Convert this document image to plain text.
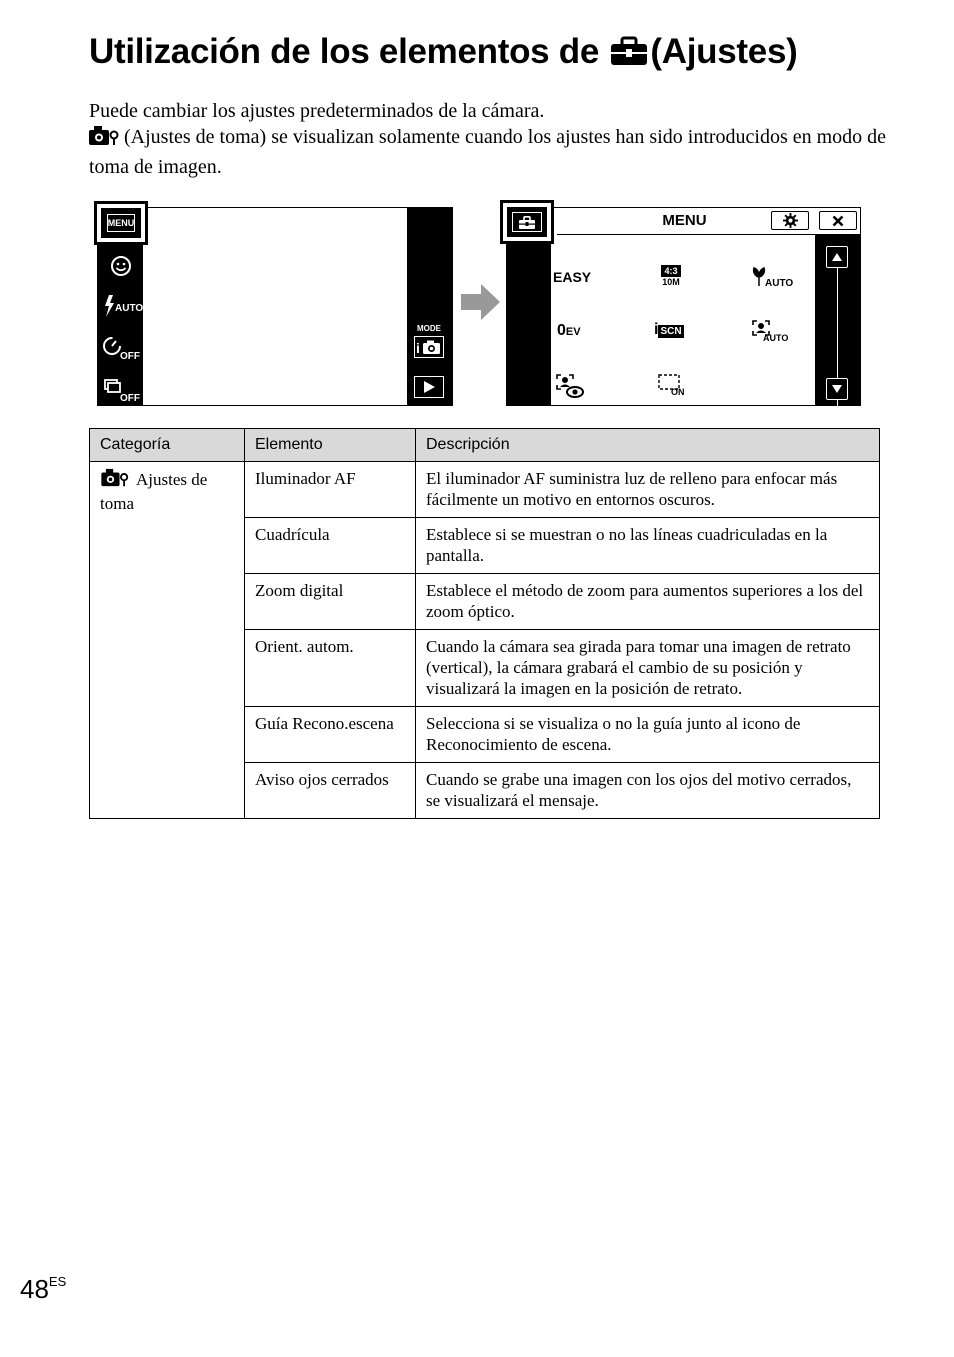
Utilización de los elementos de (Ajustes)

Puede cambiar los ajustes predeterminados de la cámara.

(Ajustes de toma) se visualizan solamente cuando los ajustes han sido introducidos en modo de toma de imagen.

AUTO
OFF
OFF
MODE
i
MENU	MENU
EASY	4:3
10M	AUTO
0EV	iSCN
AUTO
ON
Categoría	Elemento	Descripción
Ajustes de toma	Iluminador AF	El iluminador AF suministra luz de relleno para enfocar más fácilmente un motivo en entornos oscuros.
	Cuadrícula	Establece si se muestran o no las líneas cuadriculadas en la pantalla.
	Zoom digital	Establece el método de zoom para aumentos superiores a los del zoom óptico.
	Orient. autom.	Cuando la cámara sea girada para tomar una imagen de retrato (vertical), la cámara grabará el cambio de su posición y visualizará la imagen en la posición de retrato.
	Guía Recono.escena	Selecciona si se visualiza o no la guía junto al icono de Reconocimiento de escena.
	Aviso ojos cerrados	Cuando se grabe una imagen con los ojos del motivo cerrados, se visualizará el mensaje.
$48^{ES}$
